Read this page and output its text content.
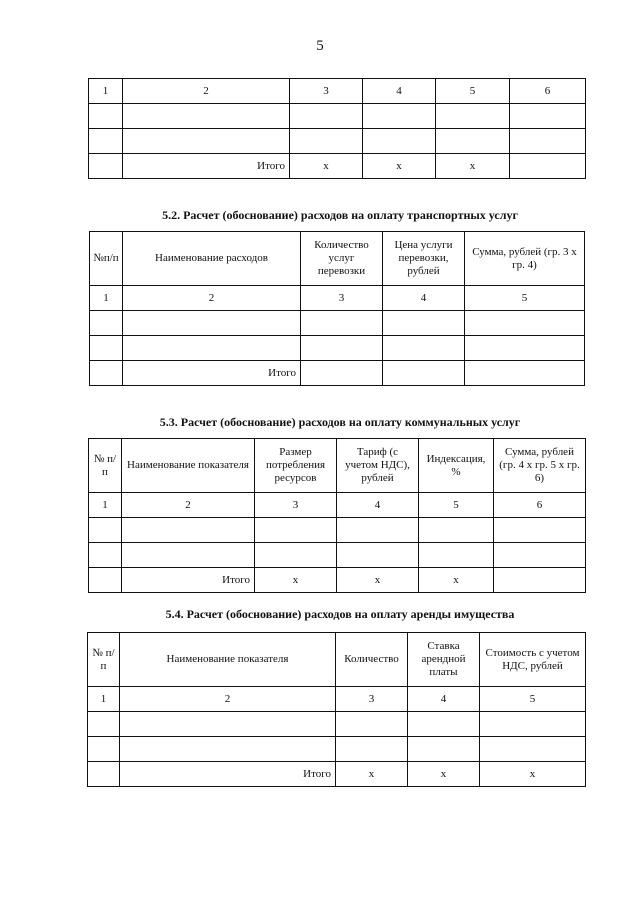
5
1	2	3	4	5	6

	Итого	x	x	x	
5.2. Расчет (обоснование) расходов на оплату транспортных услуг
№п/п	Наименование расходов	Количество услуг перевозки	Цена услуги перевозки, рублей	Сумма, рублей (гр. 3 x гр. 4)
1	2	3	4	5

	Итого			
5.3. Расчет (обоснование) расходов на оплату коммунальных услуг
№ п/п	Наименование показателя	Размер потребления ресурсов	Тариф (с учетом НДС), рублей	Индексация, %	Сумма, рублей (гр. 4 x гр. 5 x гр. 6)
1	2	3	4	5	6

	Итого	x	x	x	
5.4. Расчет (обоснование) расходов на оплату аренды имущества
№ п/п	Наименование показателя	Количество	Ставка арендной платы	Стоимость с учетом НДС, рублей
1	2	3	4	5

	Итого	x	x	x
